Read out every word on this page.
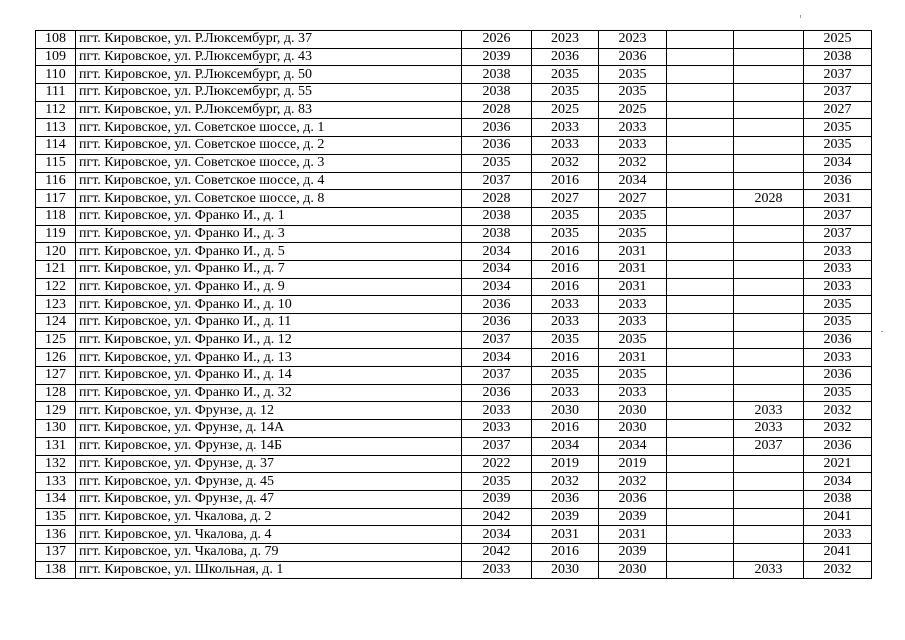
108	пгт. Кировское, ул. Р.Люксембург, д. 37	2026	2023	2023			2025
109	пгт. Кировское, ул. Р.Люксембург, д. 43	2039	2036	2036			2038
110	пгт. Кировское, ул. Р.Люксембург, д. 50	2038	2035	2035			2037
111	пгт. Кировское, ул. Р.Люксембург, д. 55	2038	2035	2035			2037
112	пгт. Кировское, ул. Р.Люксембург, д. 83	2028	2025	2025			2027
113	пгт. Кировское, ул. Советское шоссе, д. 1	2036	2033	2033			2035
114	пгт. Кировское, ул. Советское шоссе, д. 2	2036	2033	2033			2035
115	пгт. Кировское, ул. Советское шоссе, д. 3	2035	2032	2032			2034
116	пгт. Кировское, ул. Советское шоссе, д. 4	2037	2016	2034			2036
117	пгт. Кировское, ул. Советское шоссе, д. 8	2028	2027	2027		2028	2031
118	пгт. Кировское, ул. Франко И., д. 1	2038	2035	2035			2037
119	пгт. Кировское, ул. Франко И., д. 3	2038	2035	2035			2037
120	пгт. Кировское, ул. Франко И., д. 5	2034	2016	2031			2033
121	пгт. Кировское, ул. Франко И., д. 7	2034	2016	2031			2033
122	пгт. Кировское, ул. Франко И., д. 9	2034	2016	2031			2033
123	пгт. Кировское, ул. Франко И., д. 10	2036	2033	2033			2035
124	пгт. Кировское, ул. Франко И., д. 11	2036	2033	2033			2035
125	пгт. Кировское, ул. Франко И., д. 12	2037	2035	2035			2036
126	пгт. Кировское, ул. Франко И., д. 13	2034	2016	2031			2033
127	пгт. Кировское, ул. Франко И., д. 14	2037	2035	2035			2036
128	пгт. Кировское, ул. Франко И., д. 32	2036	2033	2033			2035
129	пгт. Кировское, ул. Фрунзе, д. 12	2033	2030	2030		2033	2032
130	пгт. Кировское, ул. Фрунзе, д. 14А	2033	2016	2030		2033	2032
131	пгт. Кировское, ул. Фрунзе, д. 14Б	2037	2034	2034		2037	2036
132	пгт. Кировское, ул. Фрунзе, д. 37	2022	2019	2019			2021
133	пгт. Кировское, ул. Фрунзе, д. 45	2035	2032	2032			2034
134	пгт. Кировское, ул. Фрунзе, д. 47	2039	2036	2036			2038
135	пгт. Кировское, ул. Чкалова, д. 2	2042	2039	2039			2041
136	пгт. Кировское, ул. Чкалова, д. 4	2034	2031	2031			2033
137	пгт. Кировское, ул. Чкалова, д. 79	2042	2016	2039			2041
138	пгт. Кировское, ул. Школьная, д. 1	2033	2030	2030		2033	2032
